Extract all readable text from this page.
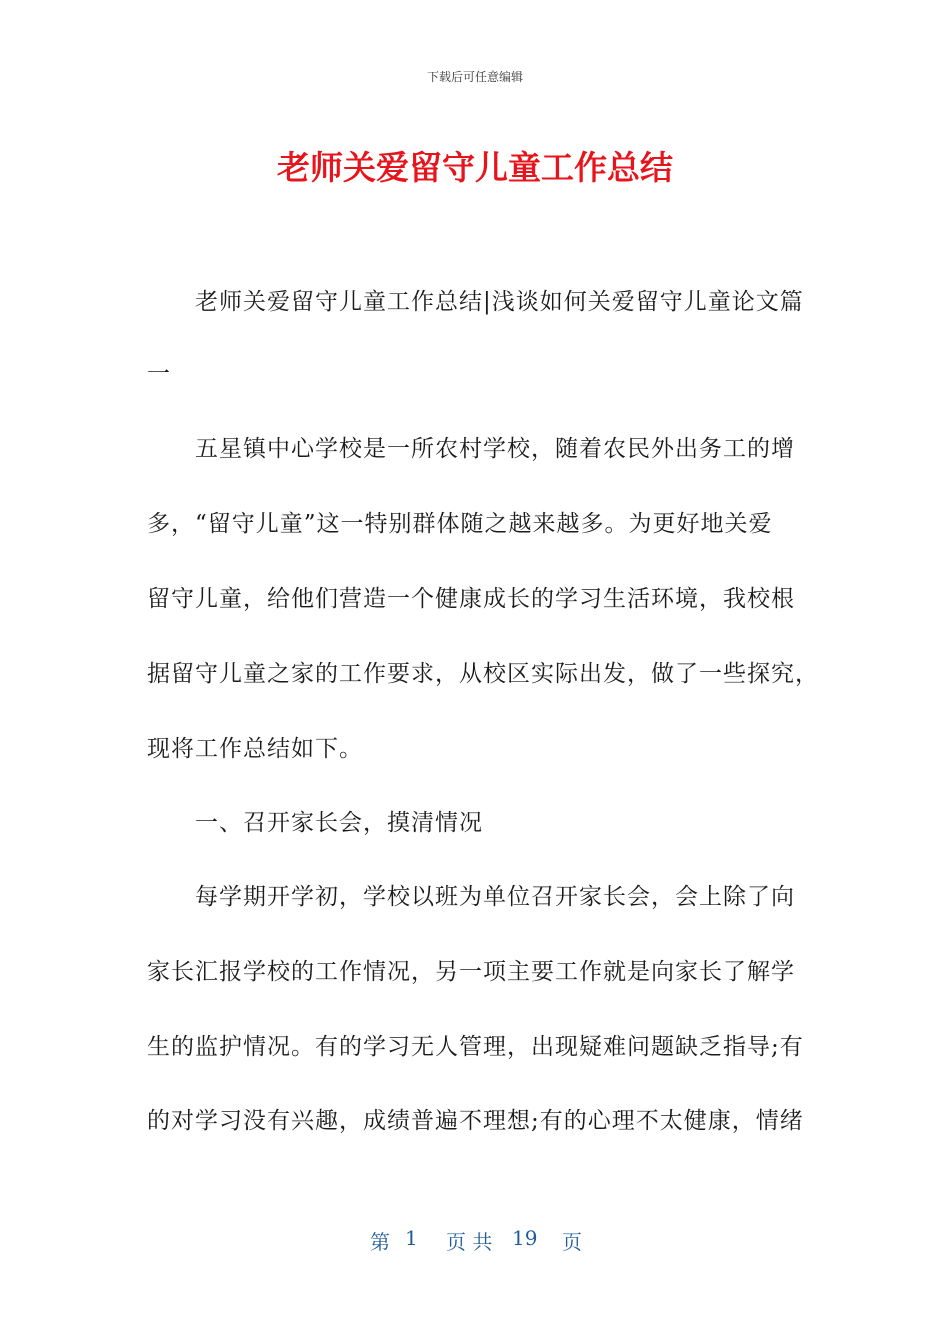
下载后可任意编辑
老师关爱留守儿童工作总结
老师关爱留守儿童工作总结|浅谈如何关爱留守儿童论文篇
一
五星镇中心学校是一所农村学校，随着农民外出务工的增
多，“留守儿童”这一特别群体随之越来越多。为更好地关爱
留守儿童，给他们营造一个健康成长的学习生活环境，我校根
据留守儿童之家的工作要求，从校区实际出发，做了一些探究，
现将工作总结如下。
一、召开家长会，摸清情况
每学期开学初，学校以班为单位召开家长会，会上除了向
家长汇报学校的工作情况，另一项主要工作就是向家长了解学
生的监护情况。有的学习无人管理，出现疑难问题缺乏指导;有
的对学习没有兴趣，成绩普遍不理想;有的心理不太健康，情绪
第 1 页 共 19 页
